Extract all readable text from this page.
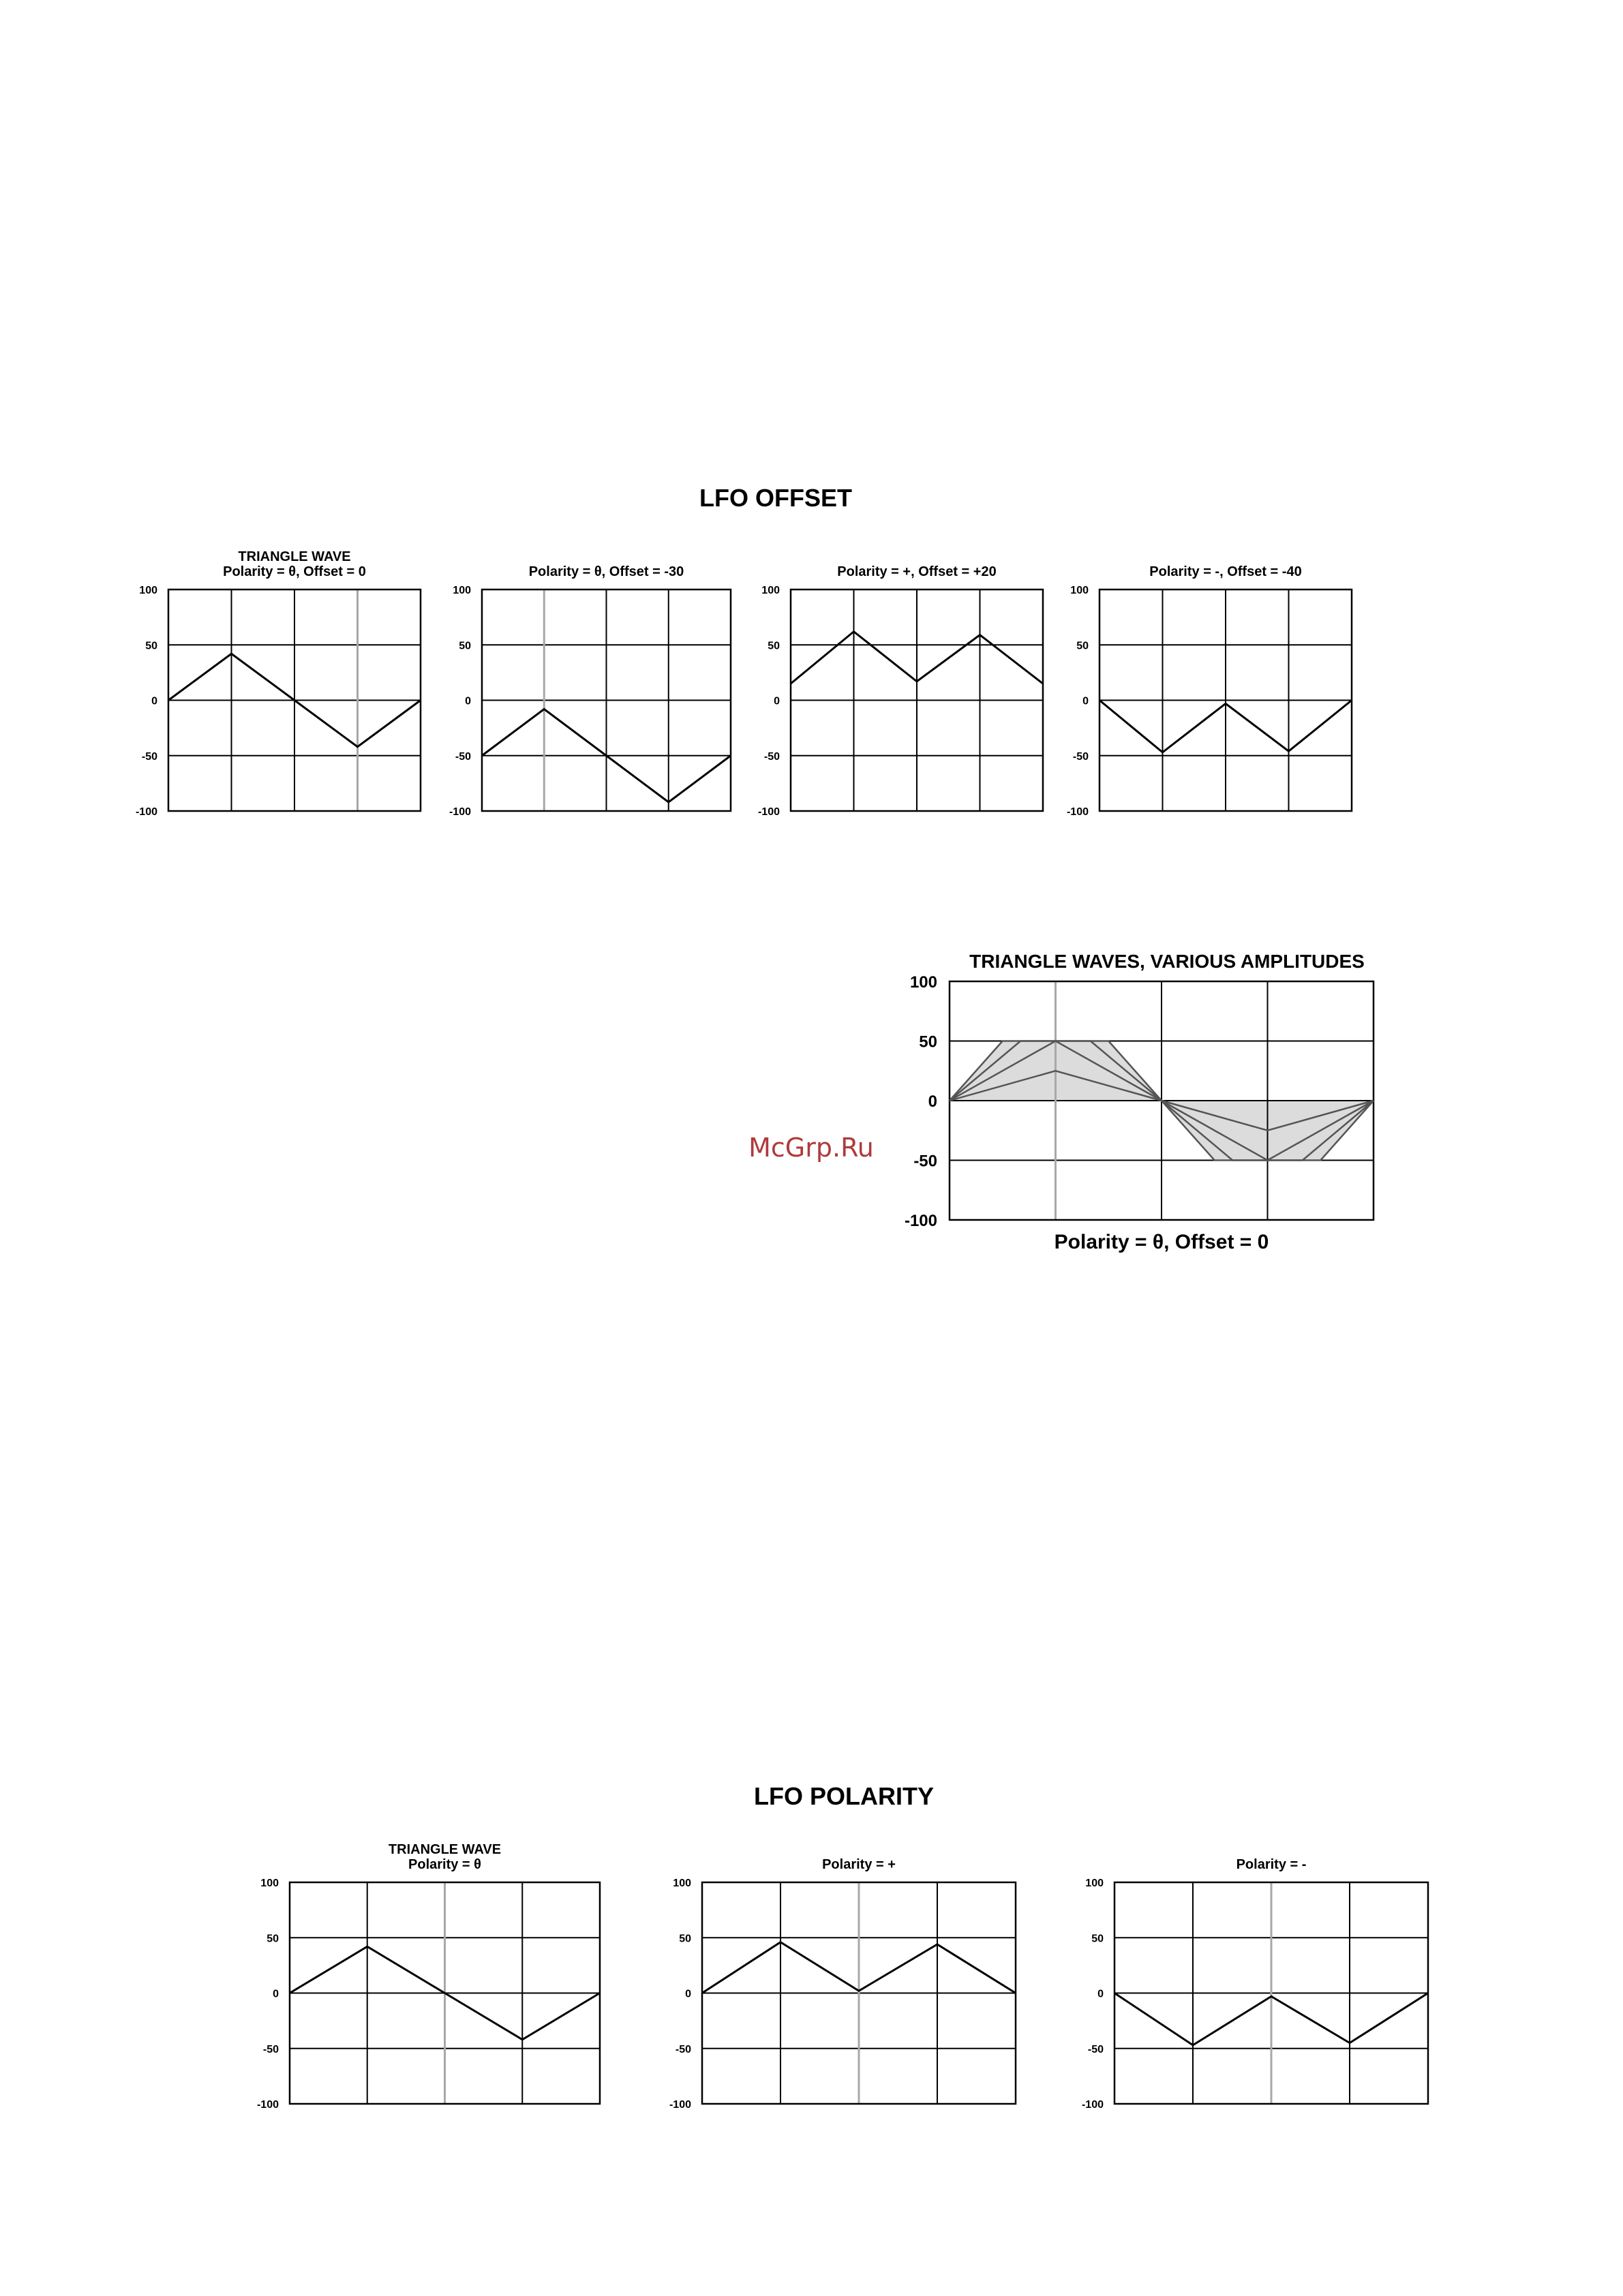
LFO OFFSET
LFO POLARITY
McGrp.Ru
100
50
0
-50
-100
TRIANGLE WAVE
Polarity = θ, Offset = 0
100
50
0
-50
-100
Polarity = θ, Offset = -30
100
50
0
-50
-100
Polarity = +, Offset = +20
100
50
0
-50
-100
Polarity = -, Offset = -40
100
50
0
-50
-100
TRIANGLE WAVES, VARIOUS AMPLITUDES
Polarity = θ, Offset = 0
100
50
0
-50
-100
TRIANGLE WAVE
Polarity = θ
100
50
0
-50
-100
Polarity = +
100
50
0
-50
-100
Polarity = -
